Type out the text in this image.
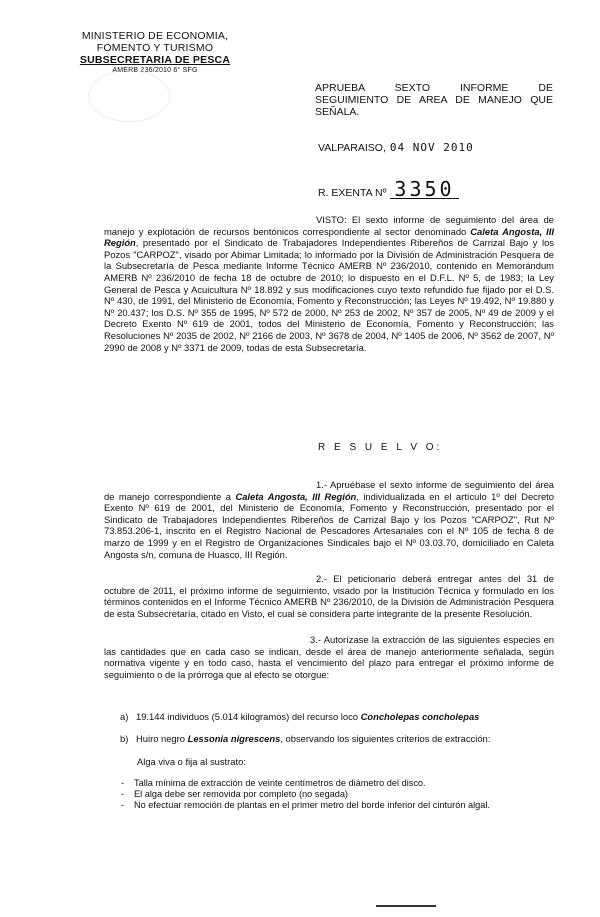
MINISTERIO DE ECONOMIA,
FOMENTO Y TURISMO
SUBSECRETARIA DE PESCA
AMERB 236/2010 6° SFG
APRUEBA SEXTO INFORME DE
SEGUIMIENTO DE AREA DE MANEJO QUE
SEÑALA.
VALPARAISO, 04 NOV 2010
R. EXENTA Nº 3350
VISTO: El sexto informe de seguimiento del área de manejo y explotación de recursos bentónicos correspondiente al sector denominado Caleta Angosta, III Región, presentado por el Sindicato de Trabajadores Independientes Ribereños de Carrizal Bajo y los Pozos "CARPOZ", visado por Abimar Limitada; lo informado por la División de Administración Pesquera de la Subsecretaría de Pesca mediante Informe Técnico AMERB Nº 236/2010, contenido en Memorándum AMERB Nº 236/2010 de fecha 18 de octubre de 2010; lo dispuesto en el D.F.L. Nº 5, de 1983; la Ley General de Pesca y Acuicultura Nº 18.892 y sus modificaciones cuyo texto refundido fue fijado por el D.S. Nº 430, de 1991, del Ministerio de Economía, Fomento y Reconstrucción; las Leyes Nº 19.492, Nº 19.880 y Nº 20.437; los D.S. Nº 355 de 1995, Nº 572 de 2000, Nº 253 de 2002, Nº 357 de 2005, Nº 49 de 2009 y el Decreto Exento Nº 619 de 2001, todos del Ministerio de Economía, Fomento y Reconstrucción; las Resoluciones Nº 2035 de 2002, Nº 2166 de 2003, Nº 3678 de 2004, Nº 1405 de 2006, Nº 3562 de 2007, Nº 2990 de 2008 y Nº 3371 de 2009, todas de esta Subsecretaría.
R E S U E L V O:
1.- Apruébase el sexto informe de seguimiento del área de manejo correspondiente a Caleta Angosta, III Región, individualizada en el artículo 1º del Decreto Exento Nº 619 de 2001, del Ministerio de Economía, Fomento y Reconstrucción, presentado por el Sindicato de Trabajadores Independientes Ribereños de Carrizal Bajo y los Pozos "CARPOZ", Rut Nº 73.853.206-1, inscrito en el Registro Nacional de Pescadores Artesanales con el Nº 105 de fecha 8 de marzo de 1999 y en el Registro de Organizaciones Sindicales bajo el Nº 03.03.70, domiciliado en Caleta Angosta s/n, comuna de Huasco, III Región.
2.- El peticionario deberá entregar antes del 31 de octubre de 2011, el próximo informe de seguimiento, visado por la Institución Técnica y formulado en los términos contenidos en el Informe Técnico AMERB Nº 236/2010, de la División de Administración Pesquera de esta Subsecretaría, citado en Visto, el cual se considera parte integrante de la presente Resolución.
3.- Autorízase la extracción de las siguientes especies en las cantidades que en cada caso se indican, desde el área de manejo anteriormente señalada, según normativa vigente y en todo caso, hasta el vencimiento del plazo para entregar el próximo informe de seguimiento o de la prórroga que al efecto se otorgue:
a) 19.144 individuos (5.014 kilogramos) del recurso loco Concholepas concholepas
b) Huiro negro Lessonia nigrescens, observando los siguientes criterios de extracción:
Alga viva o fija al sustrato:
- Talla mínima de extracción de veinte centímetros de diámetro del disco.
- El alga debe ser removida por completo (no segada)
- No efectuar remoción de plantas en el primer metro del borde inferior del cinturón algal.
